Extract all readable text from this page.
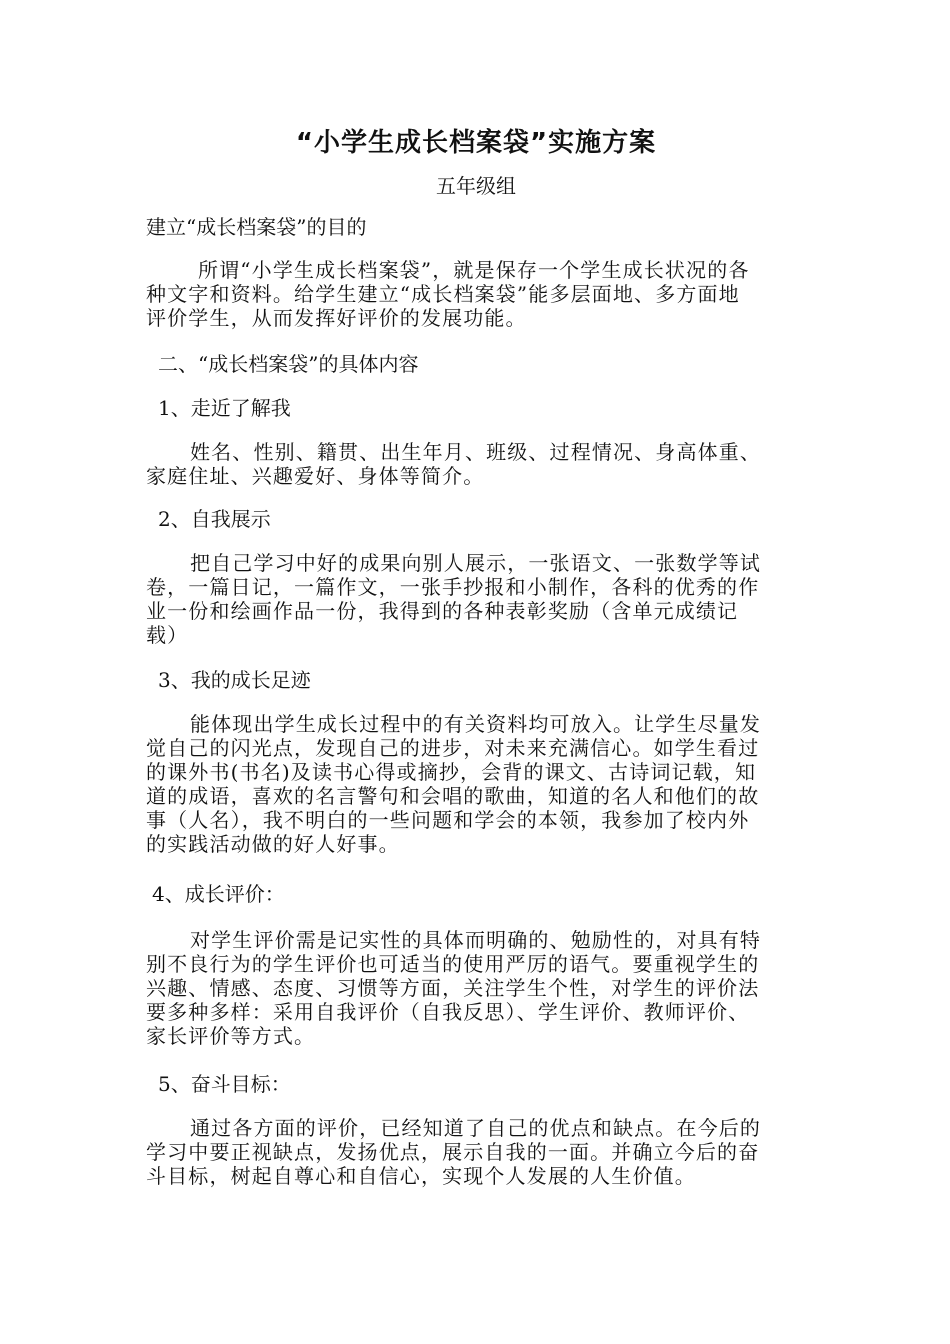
“小学生成长档案袋”实施方案

五年级组

建立“成长档案袋”的目的

所谓“小学生成长档案袋”，就是保存一个学生成长状况的各
种文字和资料。给学生建立“成长档案袋”能多层面地、多方面地
评价学生，从而发挥好评价的发展功能。

二、“成长档案袋”的具体内容

1、走近了解我

姓名、性别、籍贯、出生年月、班级、过程情况、身高体重、
家庭住址、兴趣爱好、身体等简介。

2、自我展示

把自己学习中好的成果向别人展示，一张语文、一张数学等试
卷，一篇日记，一篇作文，一张手抄报和小制作，各科的优秀的作
业一份和绘画作品一份，我得到的各种表彰奖励（含单元成绩记
载）

3、我的成长足迹

能体现出学生成长过程中的有关资料均可放入。让学生尽量发
觉自己的闪光点，发现自己的进步，对未来充满信心。如学生看过
的课外书(书名)及读书心得或摘抄，会背的课文、古诗词记载，知
道的成语，喜欢的名言警句和会唱的歌曲，知道的名人和他们的故
事（人名），我不明白的一些问题和学会的本领，我参加了校内外
的实践活动做的好人好事。

4、成长评价：

对学生评价需是记实性的具体而明确的、勉励性的，对具有特
别不良行为的学生评价也可适当的使用严厉的语气。要重视学生的
兴趣、情感、态度、习惯等方面，关注学生个性，对学生的评价法
要多种多样：采用自我评价（自我反思）、学生评价、教师评价、
家长评价等方式。

5、奋斗目标：

通过各方面的评价，已经知道了自己的优点和缺点。在今后的
学习中要正视缺点，发扬优点，展示自我的一面。并确立今后的奋
斗目标，树起自尊心和自信心，实现个人发展的人生价值。
